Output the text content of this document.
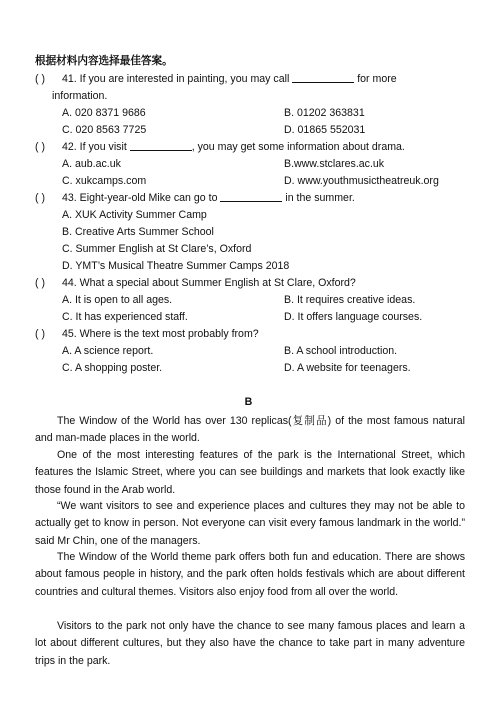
根据材料内容选择最佳答案。
( ) 41. If you are interested in painting, you may call	for more
information.
A. 020 8371 9686	B. 01202 363831
C. 020 8563 7725	D. 01865 552031
( ) 42. If you visit	, you may get some information about drama.
A. aub.ac.uk	B.www.stclares.ac.uk
C. xukcamps.com	D. www.youthmusictheatreuk.org
( ) 43. Eight-year-old Mike can go to	in the summer.
A. XUK Activity Summer Camp
B. Creative Arts Summer School
C. Summer English at St Clare’s, Oxford
D. YMT’s Musical Theatre Summer Camps 2018
( ) 44. What a special about Summer English at St Clare, Oxford?
A. It is open to all ages.	B. It requires creative ideas.
C. It has experienced staff.	D. It offers language courses.
( ) 45. Where is the text most probably from?
A. A science report.	B. A school introduction.
C. A shopping poster.	D. A website for teenagers.
B
The Window of the World has over 130 replicas(复制品) of the most famous natural and man-made places in the world.
One of the most interesting features of the park is the International Street, which features the Islamic Street, where you can see buildings and markets that look exactly like those found in the Arab world.
“We want visitors to see and experience places and cultures they may not be able to actually get to know in person. Not everyone can visit every famous landmark in the world.” said Mr Chin, one of the managers.
The Window of the World theme park offers both fun and education. There are shows about famous people in history, and the park often holds festivals which are about different countries and cultural themes. Visitors also enjoy food from all over the world.
Visitors to the park not only have the chance to see many famous places and learn a lot about different cultures, but they also have the chance to take part in many adventure trips in the park.
